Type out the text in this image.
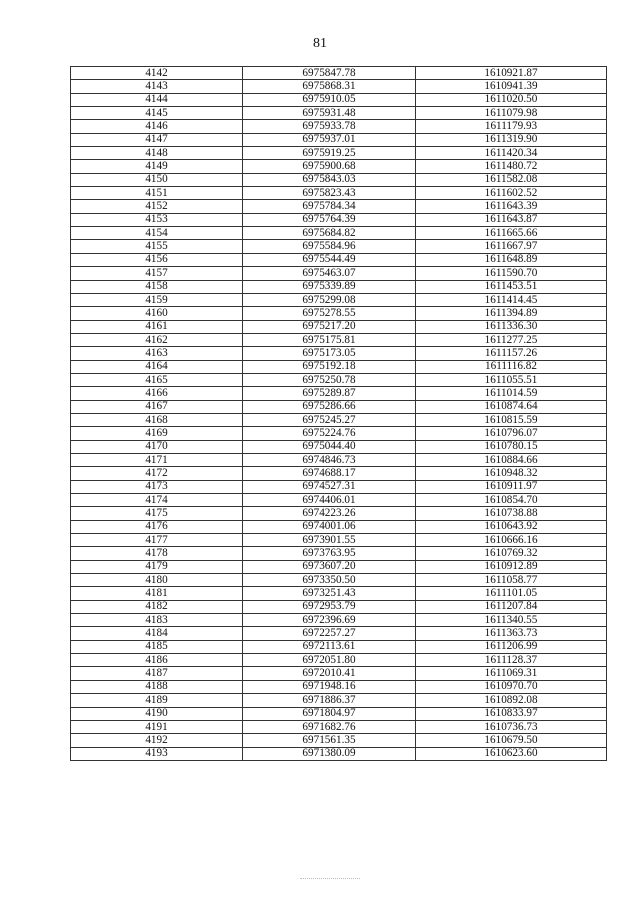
81
4142	6975847.78	1610921.87
4143	6975868.31	1610941.39
4144	6975910.05	1611020.50
4145	6975931.48	1611079.98
4146	6975933.78	1611179.93
4147	6975937.01	1611319.90
4148	6975919.25	1611420.34
4149	6975900.68	1611480.72
4150	6975843.03	1611582.08
4151	6975823.43	1611602.52
4152	6975784.34	1611643.39
4153	6975764.39	1611643.87
4154	6975684.82	1611665.66
4155	6975584.96	1611667.97
4156	6975544.49	1611648.89
4157	6975463.07	1611590.70
4158	6975339.89	1611453.51
4159	6975299.08	1611414.45
4160	6975278.55	1611394.89
4161	6975217.20	1611336.30
4162	6975175.81	1611277.25
4163	6975173.05	1611157.26
4164	6975192.18	1611116.82
4165	6975250.78	1611055.51
4166	6975289.87	1611014.59
4167	6975286.66	1610874.64
4168	6975245.27	1610815.59
4169	6975224.76	1610796.07
4170	6975044.40	1610780.15
4171	6974846.73	1610884.66
4172	6974688.17	1610948.32
4173	6974527.31	1610911.97
4174	6974406.01	1610854.70
4175	6974223.26	1610738.88
4176	6974001.06	1610643.92
4177	6973901.55	1610666.16
4178	6973763.95	1610769.32
4179	6973607.20	1610912.89
4180	6973350.50	1611058.77
4181	6973251.43	1611101.05
4182	6972953.79	1611207.84
4183	6972396.69	1611340.55
4184	6972257.27	1611363.73
4185	6972113.61	1611206.99
4186	6972051.80	1611128.37
4187	6972010.41	1611069.31
4188	6971948.16	1610970.70
4189	6971886.37	1610892.08
4190	6971804.97	1610833.97
4191	6971682.76	1610736.73
4192	6971561.35	1610679.50
4193	6971380.09	1610623.60
